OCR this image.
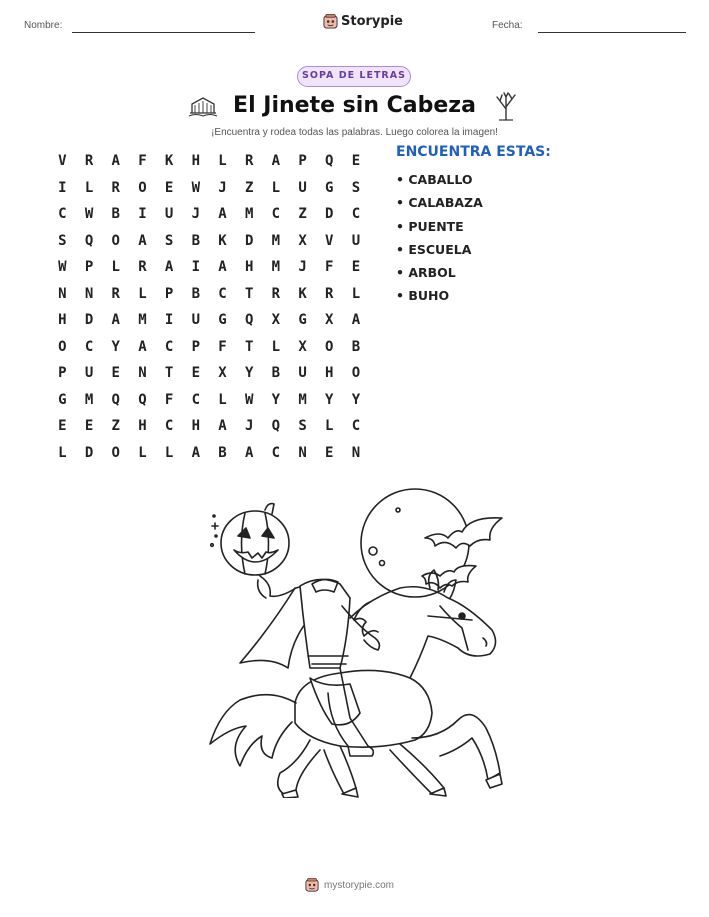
Nombre:	Storypie	Fecha:
SOPA DE LETRAS
El Jinete sin Cabeza
¡Encuentra y rodea todas las palabras. Luego colorea la imagen!
V	R	A	F	K	H	L	R	A	P	Q	E
I	L	R	O	E	W	J	Z	L	U	G	S
C	W	B	I	U	J	A	M	C	Z	D	C
S	Q	O	A	S	B	K	D	M	X	V	U
W	P	L	R	A	I	A	H	M	J	F	E
N	N	R	L	P	B	C	T	R	K	R	L
H	D	A	M	I	U	G	Q	X	G	X	A
O	C	Y	A	C	P	F	T	L	X	O	B
P	U	E	N	T	E	X	Y	B	U	H	O
G	M	Q	Q	F	C	L	W	Y	M	Y	Y
E	E	Z	H	C	H	A	J	Q	S	L	C
L	D	O	L	L	A	B	A	C	N	E	N
ENCUENTRA ESTAS:
• CABALLO
• CALABAZA
• PUENTE
• ESCUELA
• ARBOL
• BUHO
mystorypie.com
